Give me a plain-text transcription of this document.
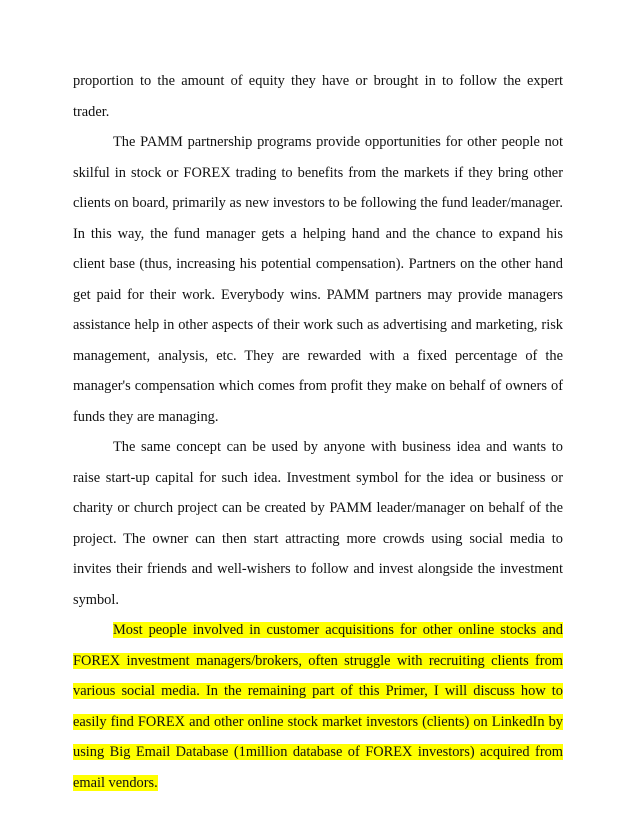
proportion to the amount of equity they have or brought in to follow the expert trader.

The PAMM partnership programs provide opportunities for other people not skilful in stock or FOREX trading to benefits from the markets if they bring other clients on board, primarily as new investors to be following the fund leader/manager. In this way, the fund manager gets a helping hand and the chance to expand his client base (thus, increasing his potential compensation). Partners on the other hand get paid for their work. Everybody wins. PAMM partners may provide managers assistance help in other aspects of their work such as advertising and marketing, risk management, analysis, etc. They are rewarded with a fixed percentage of the manager's compensation which comes from profit they make on behalf of owners of funds they are managing.

The same concept can be used by anyone with business idea and wants to raise start-up capital for such idea. Investment symbol for the idea or business or charity or church project can be created by PAMM leader/manager on behalf of the project. The owner can then start attracting more crowds using social media to invites their friends and well-wishers to follow and invest alongside the investment symbol.

Most people involved in customer acquisitions for other online stocks and FOREX investment managers/brokers, often struggle with recruiting clients from various social media. In the remaining part of this Primer, I will discuss how to easily find FOREX and other online stock market investors (clients) on LinkedIn by using Big Email Database (1million database of FOREX investors) acquired from email vendors.
